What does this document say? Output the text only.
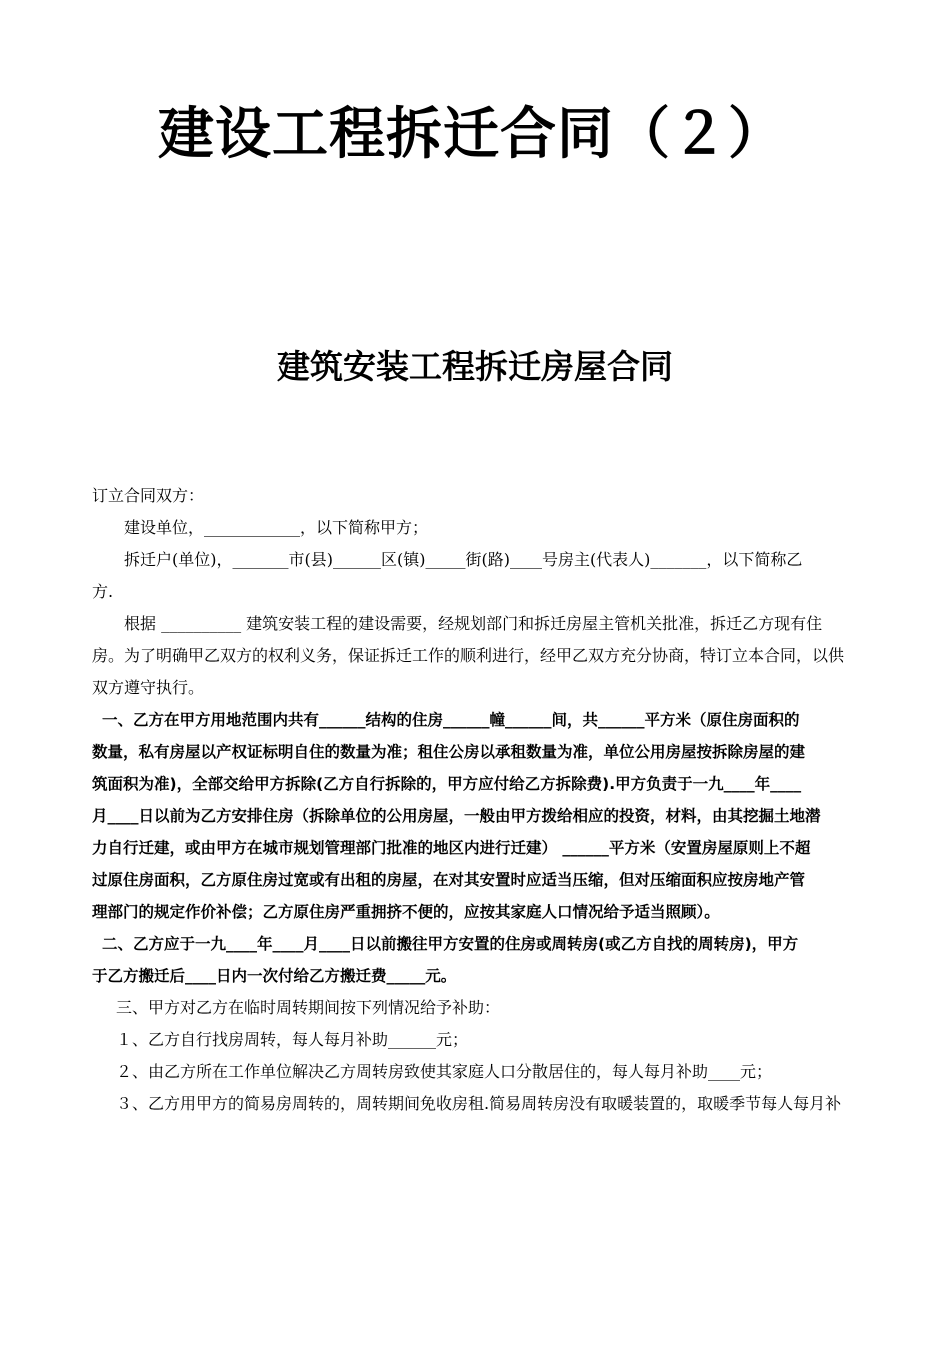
建设工程拆迁合同（２）
建筑安装工程拆迁房屋合同

订立合同双方：

建设单位，____________，以下简称甲方；

拆迁户(单位)，_______市(县)______区(镇)_____街(路)____号房主(代表人)_______，以下简称乙
方.

根据 __________ 建筑安装工程的建设需要，经规划部门和拆迁房屋主管机关批准，拆迁乙方现有住
房。为了明确甲乙双方的权利义务，保证拆迁工作的顺利进行，经甲乙双方充分协商，特订立本合同，以供
双方遵守执行。

一、乙方在甲方用地范围内共有______结构的住房______幢______间，共______平方米（原住房面积的
数量，私有房屋以产权证标明自住的数量为准；租住公房以承租数量为准，单位公用房屋按拆除房屋的建
筑面积为准)，全部交给甲方拆除(乙方自行拆除的，甲方应付给乙方拆除费).甲方负责于一九____年____
月____日以前为乙方安排住房（拆除单位的公用房屋，一般由甲方拨给相应的投资，材料，由其挖掘土地潜
力自行迁建，或由甲方在城市规划管理部门批准的地区内进行迁建） ______平方米（安置房屋原则上不超
过原住房面积，乙方原住房过宽或有出租的房屋，在对其安置时应适当压缩，但对压缩面积应按房地产管
理部门的规定作价补偿；乙方原住房严重拥挤不便的，应按其家庭人口情况给予适当照顾）。

二、乙方应于一九____年____月____日以前搬往甲方安置的住房或周转房(或乙方自找的周转房)，甲方
于乙方搬迁后____日内一次付给乙方搬迁费_____元。

三、甲方对乙方在临时周转期间按下列情况给予补助：

１、乙方自行找房周转，每人每月补助______元；

２、由乙方所在工作单位解决乙方周转房致使其家庭人口分散居住的，每人每月补助____元；

３、乙方用甲方的简易房周转的，周转期间免收房租.简易周转房没有取暖装置的，取暖季节每人每月补
